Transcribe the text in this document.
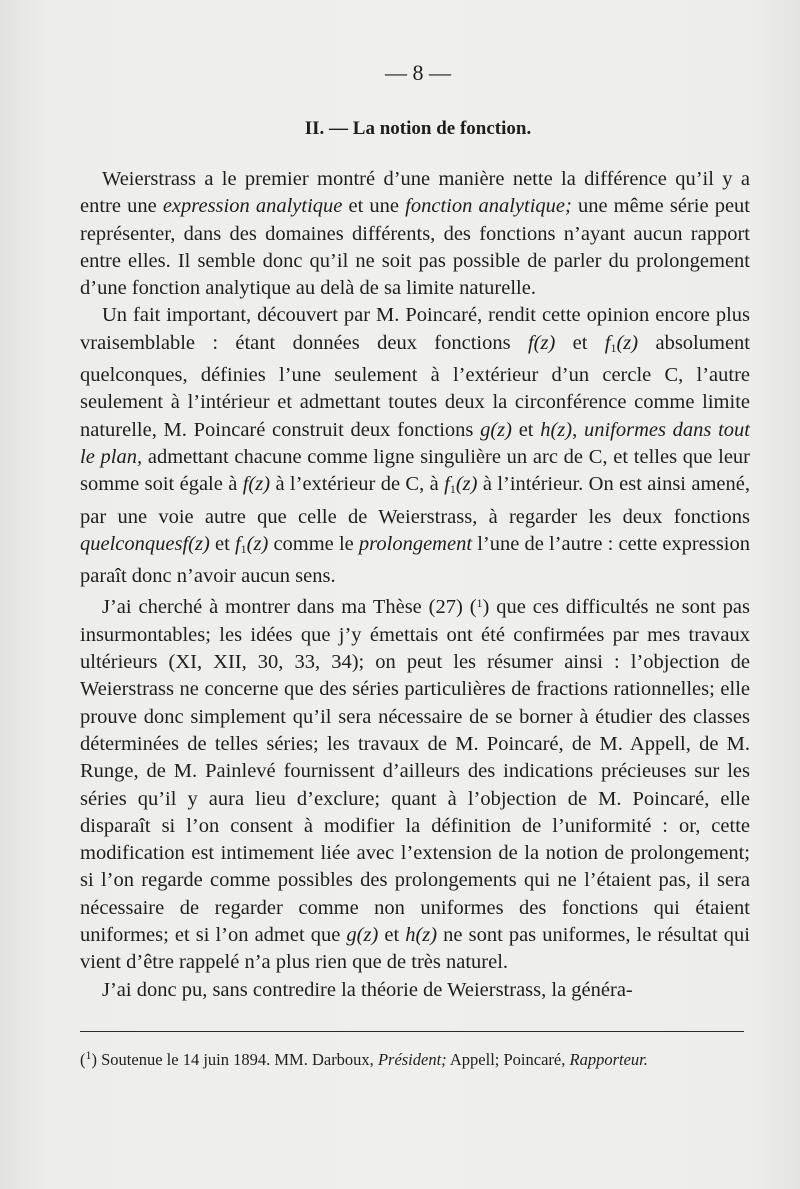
— 8 —
II. — La notion de fonction.

Weierstrass a le premier montré d’une manière nette la différence qu’il y a entre une expression analytique et une fonction analytique; une même série peut représenter, dans des domaines différents, des fonctions n’ayant aucun rapport entre elles. Il semble donc qu’il ne soit pas possible de parler du prolongement d’une fonction analytique au delà de sa limite naturelle.

Un fait important, découvert par M. Poincaré, rendit cette opinion encore plus vraisemblable : étant données deux fonctions f(z) et $f_1(z)$ absolument quelconques, définies l’une seulement à l’extérieur d’un cercle C, l’autre seulement à l’intérieur et admettant toutes deux la circonférence comme limite naturelle, M. Poincaré construit deux fonctions g(z) et h(z), uniformes dans tout le plan, admettant chacune comme ligne singulière un arc de C, et telles que leur somme soit égale à f(z) à l’extérieur de C, à $f_1(z)$ à l’intérieur. On est ainsi amené, par une voie autre que celle de Weierstrass, à regarder les deux fonctions quelconquesf(z) et $f_1(z)$ comme le prolongement l’une de l’autre : cette expression paraît donc n’avoir aucun sens.

J’ai cherché à montrer dans ma Thèse (27) ($^1$) que ces difficultés ne sont pas insurmontables; les idées que j’y émettais ont été confirmées par mes travaux ultérieurs (XI, XII, 30, 33, 34); on peut les résumer ainsi : l’objection de Weierstrass ne concerne que des séries particulières de fractions rationnelles; elle prouve donc simplement qu’il sera nécessaire de se borner à étudier des classes déterminées de telles séries; les travaux de M. Poincaré, de M. Appell, de M. Runge, de M. Painlevé fournissent d’ailleurs des indications précieuses sur les séries qu’il y aura lieu d’exclure; quant à l’objection de M. Poincaré, elle disparaît si l’on consent à modifier la définition de l’uniformité : or, cette modification est intimement liée avec l’extension de la notion de prolongement; si l’on regarde comme possibles des prolongements qui ne l’étaient pas, il sera nécessaire de regarder comme non uniformes des fonctions qui étaient uniformes; et si l’on admet que g(z) et h(z) ne sont pas uniformes, le résultat qui vient d’être rappelé n’a plus rien que de très naturel.

J’ai donc pu, sans contredire la théorie de Weierstrass, la généra-

($^1$) Soutenue le 14 juin 1894. MM. Darboux, Président; Appell; Poincaré, Rapporteur.
